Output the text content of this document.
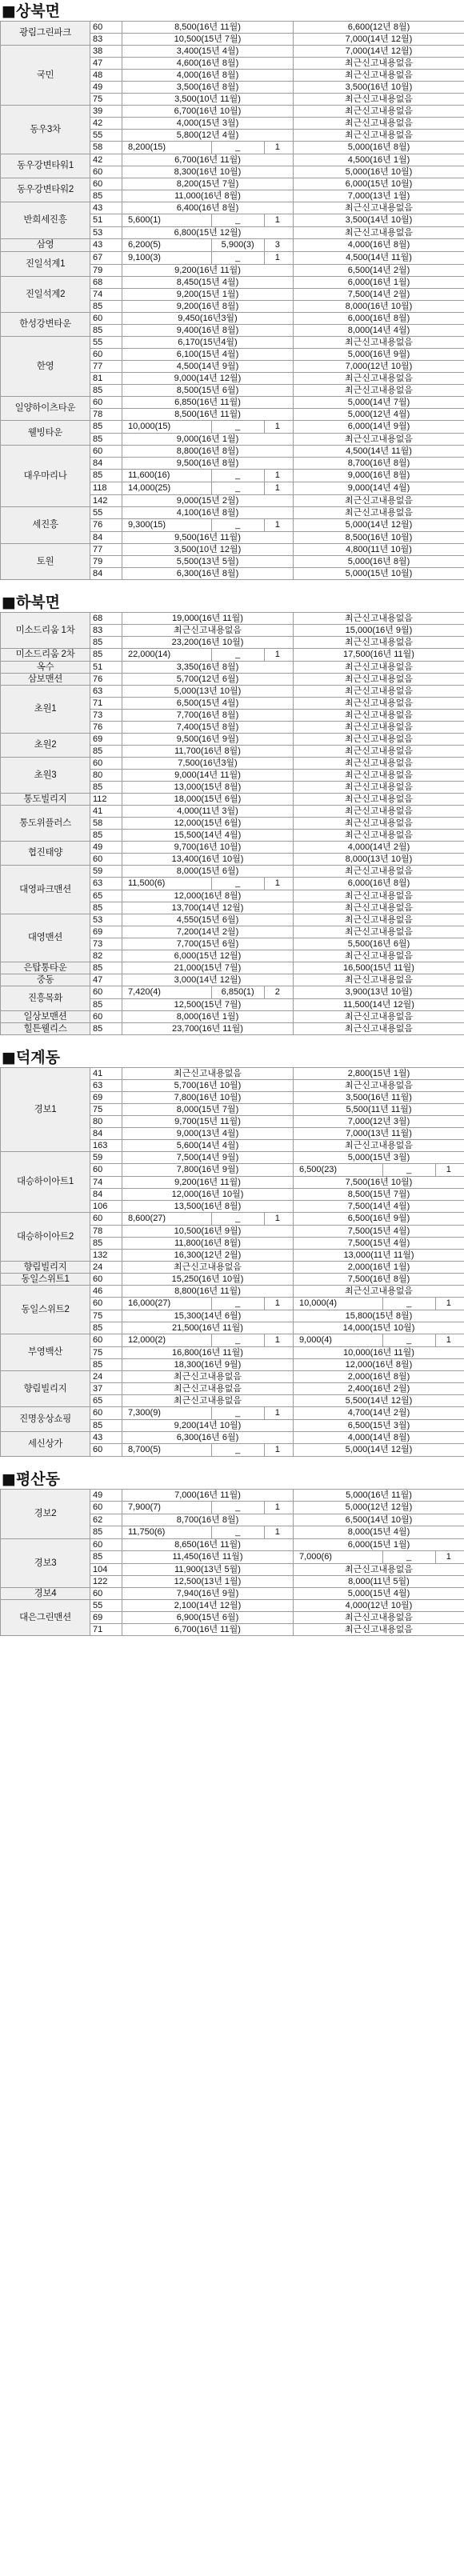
■상북면
광림그린파크	60	8,500(16년 11월)	6,600(12년 8월)
	83	10,500(15년 7월)	7,000(14년 12월)
국민	38	3,400(15년 4월)	7,000(14년 12월)
	47	4,600(16년 8월)	최근신고내용없음
	48	4,000(16년 8월)	최근신고내용없음
	49	3,500(16년 8월)	3,500(16년 10월)
	75	3,500(10년 11월)	최근신고내용없음
동우3차	39	6,700(16년 10월)	최근신고내용없음
	42	4,000(15년 3월)	최근신고내용없음
	55	5,800(12년 4월)	최근신고내용없음
	58	8,200(15) _ 1	5,000(16년 8월)
동우강변타워1	42	6,700(16년 11월)	4,500(16년 1월)
	60	8,300(16년 10월)	5,000(16년 10월)
동우강변타워2	60	8,200(15년 7월)	6,000(15년 10월)
	85	11,000(16년 8월)	7,000(13년 1월)
반희세진흥	43	6,400(16년 8월)	최근신고내용없음
	51	5,600(1) _ 1	3,500(14년 10월)
	53	6,800(15년 12월)	최근신고내용없음
삼영	43	6,200(5) 5,900(3) 3	4,000(16년 8월)
진일석계1	67	9,100(3) _ 1	4,500(14년 11월)
	79	9,200(16년 11월)	6,500(14년 2월)
진일석계2	68	8,450(15년 4월)	6,000(16년 1월)
	74	9,200(15년 1월)	7,500(14년 2월)
	85	9,200(16년 8월)	8,000(16년 10월)
한성강변타운	60	9,450(16년3월)	6,000(16년 8월)
	85	9,400(16년 8월)	8,000(14년 4월)
한영	55	6,170(15년4월)	최근신고내용없음
	60	6,100(15년 4월)	5,000(16년 9월)
	77	4,500(14년 9월)	7,000(12년 10월)
	81	9,000(14년 12월)	최근신고내용없음
	85	8,500(15년 6월)	최근신고내용없음
일양하이츠타운	60	6,850(16년 11월)	5,000(14년 7월)
	78	8,500(16년 11월)	5,000(12년 4월)
웰빙타운	85	10,000(15) _ 1	6,000(14년 9월)
	85	9,000(16년 1월)	최근신고내용없음
대우마리나	60	8,800(16년 8월)	4,500(14년 11월)
	84	9,500(16년 8월)	8,700(16년 8월)
	85	11,600(16) _ 1	9,000(16년 8월)
	118	14,000(25) _ 1	9,000(14년 4월)
	142	9,000(15년 2월)	최근신고내용없음
세진흥	55	4,100(16년 8월)	최근신고내용없음
	76	9,300(15) _ 1	5,000(14년 12월)
	84	9,500(16년 11월)	8,500(16년 10월)
토원	77	3,500(10년 12월)	4,800(11년 10월)
	79	5,500(13년 5월)	5,000(16년 8월)
	84	6,300(16년 8월)	5,000(15년 10월)
■하북면
미소드리움 1차	68	19,000(16년 11월)	최근신고내용없음
	83	최근신고내용없음	15,000(16년 9월)
	85	23,200(16년 10월)	최근신고내용없음
미소드리움 2차	85	22,000(14) _ 1	17,500(16년 11월)
옥수	51	3,350(16년 8월)	최근신고내용없음
삼보맨션	76	5,700(12년 6월)	최근신고내용없음
초원1	63	5,000(13년 10월)	최근신고내용없음
	71	6,500(15년 4월)	최근신고내용없음
	73	7,700(16년 8월)	최근신고내용없음
	76	7,400(15년 8월)	최근신고내용없음
초원2	69	9,500(16년 9월)	최근신고내용없음
	85	11,700(16년 8월)	최근신고내용없음
초원3	60	7,500(16년3월)	최근신고내용없음
	80	9,000(14년 11월)	최근신고내용없음
	85	13,000(15년 8월)	최근신고내용없음
통도빌리지	112	18,000(15년 6월)	최근신고내용없음
통도위플러스	41	4,000(11년 3월)	최근신고내용없음
	58	12,000(15년 6월)	최근신고내용없음
	85	15,500(14년 4월)	최근신고내용없음
협진태양	49	9,700(16년 10월)	4,000(14년 2월)
	60	13,400(16년 10월)	8,000(13년 10월)
대영파크맨션	59	8,000(15년 6월)	최근신고내용없음
	63	11,500(6) _ 1	6,000(16년 8월)
	65	12,000(16년 8월)	최근신고내용없음
	85	13,700(14년 12월)	최근신고내용없음
대영맨션	53	4,550(15년 6월)	최근신고내용없음
	69	7,200(14년 2월)	최근신고내용없음
	73	7,700(15년 6월)	5,500(16년 6월)
	82	6,000(15년 12월)	최근신고내용없음
은탑통타운	85	21,000(15년 7월)	16,500(15년 11월)
중동	47	3,000(14년 12월)	최근신고내용없음
진흥목화	60	7,420(4) 6,850(1) 2	3,900(13년 10월)
	85	12,500(15년 7월)	11,500(14년 12월)
일상보맨션	60	8,000(16년 1월)	최근신고내용없음
힐튼웰리스	85	23,700(16년 11월)	최근신고내용없음
■덕계동
경보1	41	최근신고내용없음	2,800(15년 1월)
	63	5,700(16년 10월)	최근신고내용없음
	69	7,800(16년 10월)	3,500(16년 11월)
	75	8,000(15년 7월)	5,500(11년 11월)
	80	9,700(15년 11월)	7,000(12년 3월)
	84	9,000(13년 4월)	7,000(13년 11월)
	163	5,600(14년 4월)	최근신고내용없음
대승하이아트1	59	7,500(14년 9월)	5,000(15년 3월)
	60	7,800(16년 9월)	6,500(23) _ 1

	74	9,200(16년 11월)	7,500(16년 10월)
	84	12,000(16년 10월)	8,500(15년 7월)
	106	13,500(16년 8월)	7,500(14년 4월)
대승하이아트2	60	8,600(27) _ 1	6,500(16년 9월)
	78	10,500(16년 9월)	7,500(15년 4월)
	85	11,800(16년 8월)	7,500(15년 4월)
	132	16,300(12년 2월)	13,000(11년 11월)
향림빌리지	24	최근신고내용없음	2,000(16년 1월)
동일스위트1	60	15,250(16년 10월)	7,500(16년 8월)
동일스위트2	46	8,800(16년 11월)	최근신고내용없음
	60	16,000(27) _ 1	10,000(4) _ 1

	75	15,300(14년 6월)	15,800(15년 8월)
	85	21,500(16년 11월)	14,000(15년 10월)
부영백산	60	12,000(2) _ 1	9,000(4) _ 1

	75	16,800(16년 11월)	10,000(16년 11월)
	85	18,300(16년 9월)	12,000(16년 8월)
향림빌리지	24	최근신고내용없음	2,000(16년 8월)
	37	최근신고내용없음	2,400(16년 2월)
	65	최근신고내용없음	5,500(14년 12월)
진명웅상쇼핑	60	7,300(9) _ 1	4,700(14년 2월)
	85	9,200(14년 10월)	6,500(15년 3월)
세신상가	43	6,300(16년 6월)	4,000(14년 8월)
	60	8,700(5) _ 1	5,000(14년 12월)
■평산동
경보2	49	7,000(16년 11월)	5,000(16년 11월)
	60	7,900(7) _ 1	5,000(12년 12월)
	62	8,700(16년 8월)	6,500(14년 10월)
	85	11,750(6) _ 1	8,000(15년 4월)
경보3	60	8,650(16년 11월)	6,000(15년 1월)
	85	11,450(16년 11월)	7,000(6) _ 1

	104	11,900(13년 5월)	최근신고내용없음
	122	12,500(13년 1월)	8,000(11년 5월)
경보4	60	7,940(16년 9월)	5,000(15년 4월)
대은그린맨션	55	2,100(14년 12월)	4,000(12년 10월)
	69	6,900(15년 6월)	최근신고내용없음
	71	6,700(16년 11월)	최근신고내용없음
